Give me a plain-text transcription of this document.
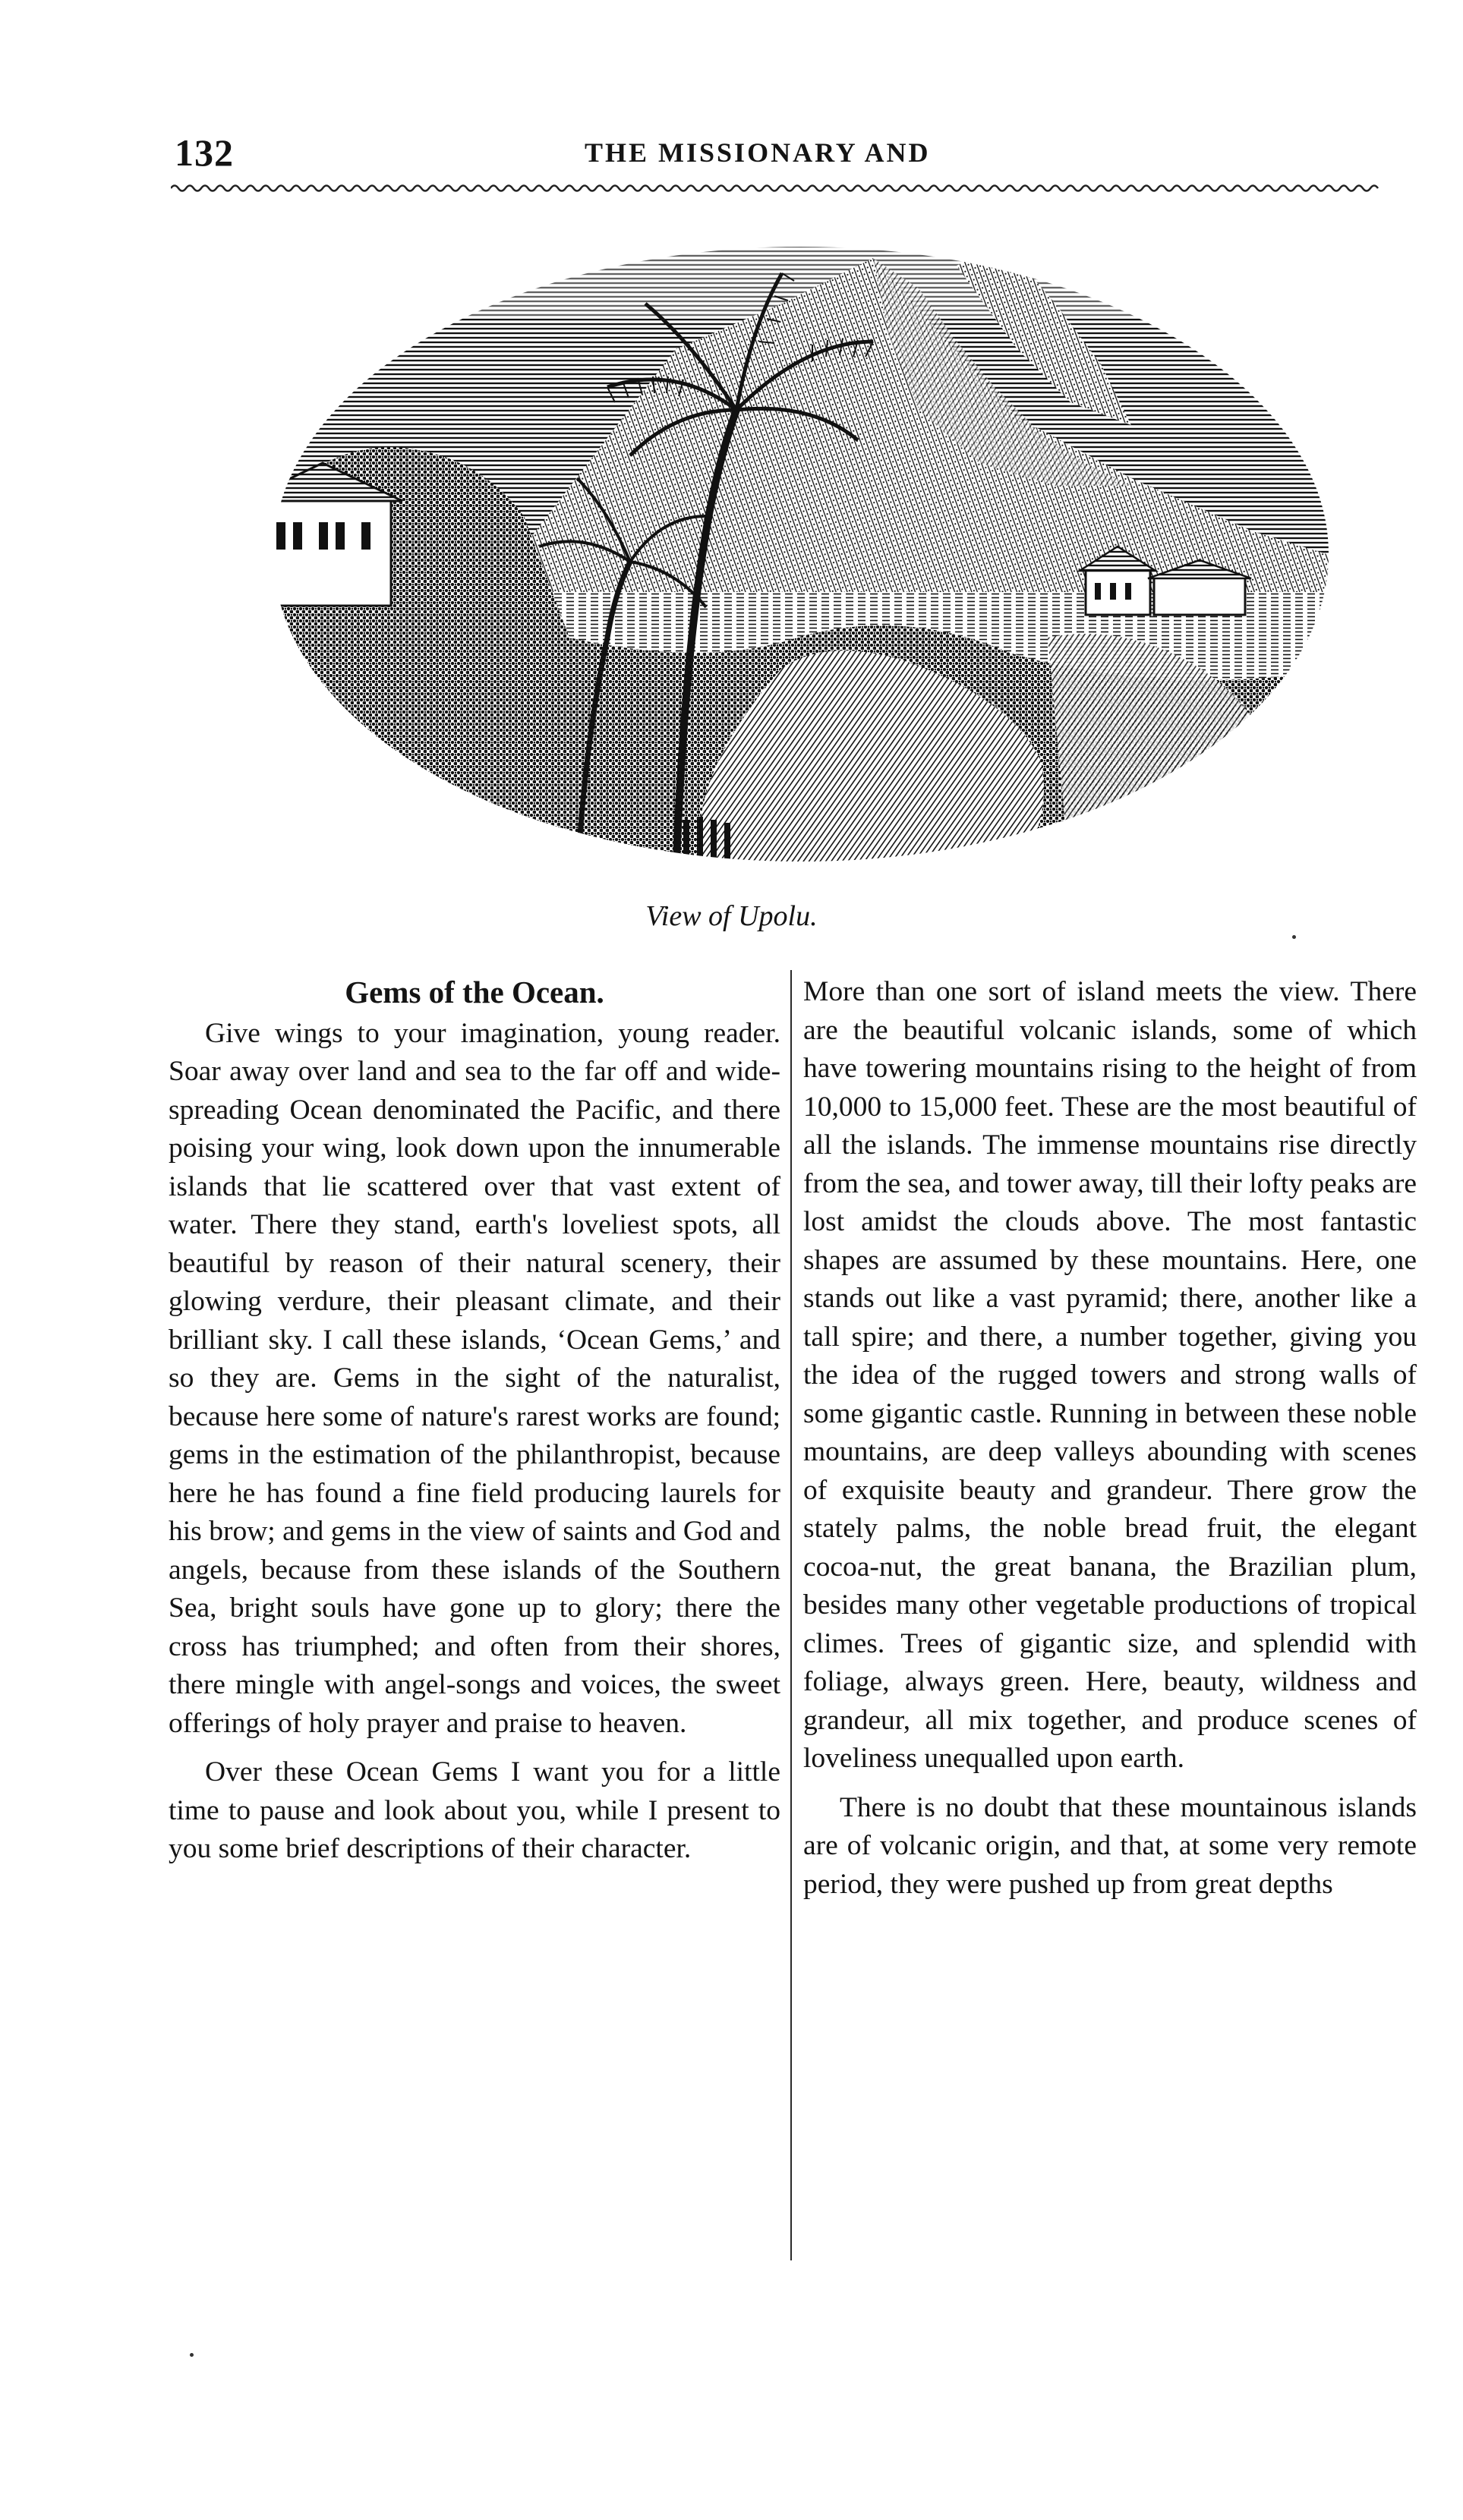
132	THE MISSIONARY AND
View of Upolu.

Gems of the Ocean.

Give wings to your imagination, young reader. Soar away over land and sea to the far off and wide-spreading Ocean denominated the Pacific, and there poising your wing, look down upon the innumerable islands that lie scattered over that vast extent of water. There they stand, earth's loveliest spots, all beautiful by reason of their natural scenery, their glowing verdure, their pleasant climate, and their brilliant sky. I call these islands, ‘Ocean Gems,’ and so they are. Gems in the sight of the naturalist, because here some of nature's rarest works are found; gems in the estimation of the philanthropist, because here he has found a fine field producing laurels for his brow; and gems in the view of saints and God and angels, because from these islands of the Southern Sea, bright souls have gone up to glory; there the cross has triumphed; and often from their shores, there mingle with angel-songs and voices, the sweet offerings of holy prayer and praise to heaven.

Over these Ocean Gems I want you for a little time to pause and look about you, while I present to you some brief descriptions of their character.

More than one sort of island meets the view. There are the beautiful volcanic islands, some of which have towering mountains rising to the height of from 10,000 to 15,000 feet. These are the most beautiful of all the islands. The immense mountains rise directly from the sea, and tower away, till their lofty peaks are lost amidst the clouds above. The most fantastic shapes are assumed by these mountains. Here, one stands out like a vast pyramid; there, another like a tall spire; and there, a number together, giving you the idea of the rugged towers and strong walls of some gigantic castle. Running in between these noble mountains, are deep valleys abounding with scenes of exquisite beauty and grandeur. There grow the stately palms, the noble bread fruit, the elegant cocoa-nut, the great banana, the Brazilian plum, besides many other vegetable productions of tropical climes. Trees of gigantic size, and splendid with foliage, always green. Here, beauty, wildness and grandeur, all mix together, and produce scenes of loveliness unequalled upon earth.

There is no doubt that these mountainous islands are of volcanic origin, and that, at some very remote period, they were pushed up from great depths
